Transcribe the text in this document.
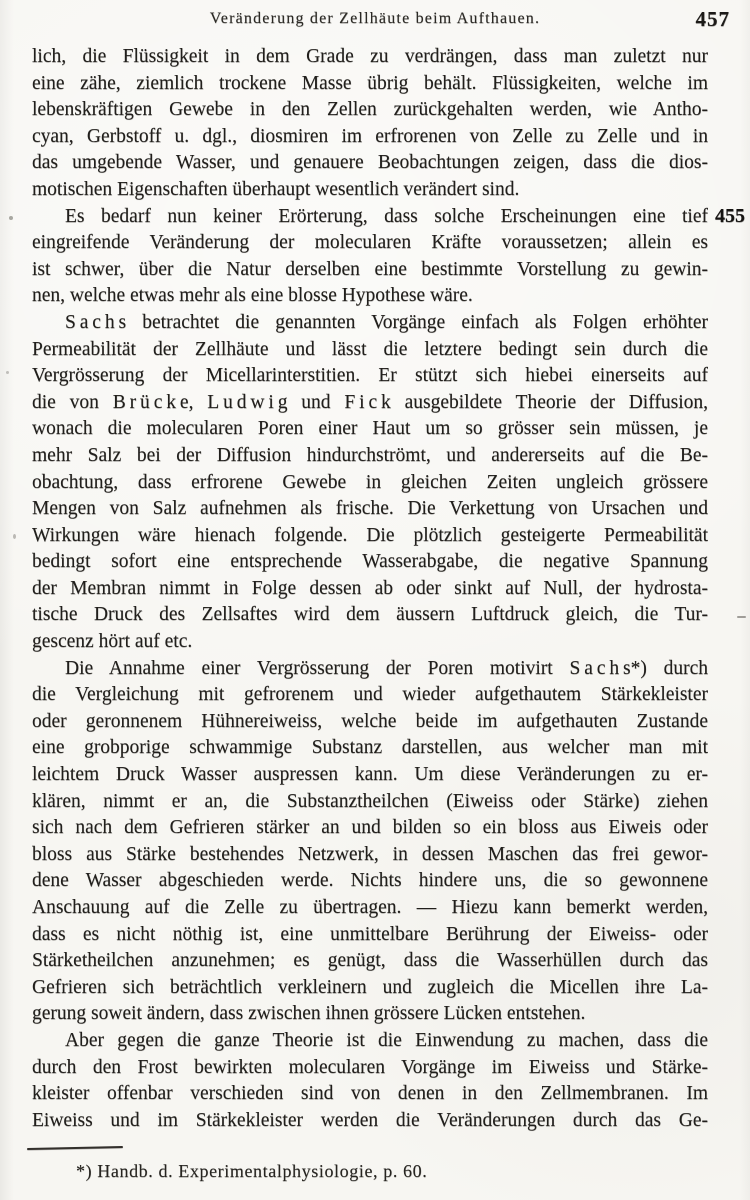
Veränderung der Zellhäute beim Aufthauen.	457
455
lich, die Flüssigkeit in dem Grade zu verdrängen, dass man zuletzt nur
eine zähe, ziemlich trockene Masse übrig behält. Flüssigkeiten, welche im
lebenskräftigen Gewebe in den Zellen zurückgehalten werden, wie Antho-
cyan, Gerbstoff u. dgl., diosmiren im erfrorenen von Zelle zu Zelle und in
das umgebende Wasser, und genauere Beobachtungen zeigen, dass die dios-
motischen Eigenschaften überhaupt wesentlich verändert sind.
Es bedarf nun keiner Erörterung, dass solche Erscheinungen eine tief
eingreifende Veränderung der molecularen Kräfte voraussetzen; allein es
ist schwer, über die Natur derselben eine bestimmte Vorstellung zu gewin-
nen, welche etwas mehr als eine blosse Hypothese wäre.
S a c h s betrachtet die genannten Vorgänge einfach als Folgen erhöhter
Permeabilität der Zellhäute und lässt die letztere bedingt sein durch die
Vergrösserung der Micellarinterstitien. Er stützt sich hiebei einerseits auf
die von B r ü c k e, L u d w i g und F i c k ausgebildete Theorie der Diffusion,
wonach die molecularen Poren einer Haut um so grösser sein müssen, je
mehr Salz bei der Diffusion hindurchströmt, und andererseits auf die Be-
obachtung, dass erfrorene Gewebe in gleichen Zeiten ungleich grössere
Mengen von Salz aufnehmen als frische. Die Verkettung von Ursachen und
Wirkungen wäre hienach folgende. Die plötzlich gesteigerte Permeabilität
bedingt sofort eine entsprechende Wasserabgabe, die negative Spannung
der Membran nimmt in Folge dessen ab oder sinkt auf Null, der hydrosta-
tische Druck des Zellsaftes wird dem äussern Luftdruck gleich, die Tur-
gescenz hört auf etc.
Die Annahme einer Vergrösserung der Poren motivirt S a c h s*) durch
die Vergleichung mit gefrorenem und wieder aufgethautem Stärkekleister
oder geronnenem Hühnereiweiss, welche beide im aufgethauten Zustande
eine grobporige schwammige Substanz darstellen, aus welcher man mit
leichtem Druck Wasser auspressen kann. Um diese Veränderungen zu er-
klären, nimmt er an, die Substanztheilchen (Eiweiss oder Stärke) ziehen
sich nach dem Gefrieren stärker an und bilden so ein bloss aus Eiweis oder
bloss aus Stärke bestehendes Netzwerk, in dessen Maschen das frei gewor-
dene Wasser abgeschieden werde. Nichts hindere uns, die so gewonnene
Anschauung auf die Zelle zu übertragen. — Hiezu kann bemerkt werden,
dass es nicht nöthig ist, eine unmittelbare Berührung der Eiweiss- oder
Stärketheilchen anzunehmen; es genügt, dass die Wasserhüllen durch das
Gefrieren sich beträchtlich verkleinern und zugleich die Micellen ihre La-
gerung soweit ändern, dass zwischen ihnen grössere Lücken entstehen.
Aber gegen die ganze Theorie ist die Einwendung zu machen, dass die
durch den Frost bewirkten molecularen Vorgänge im Eiweiss und Stärke-
kleister offenbar verschieden sind von denen in den Zellmembranen. Im
Eiweiss und im Stärkekleister werden die Veränderungen durch das Ge-
*) Handb. d. Experimentalphysiologie, p. 60.
